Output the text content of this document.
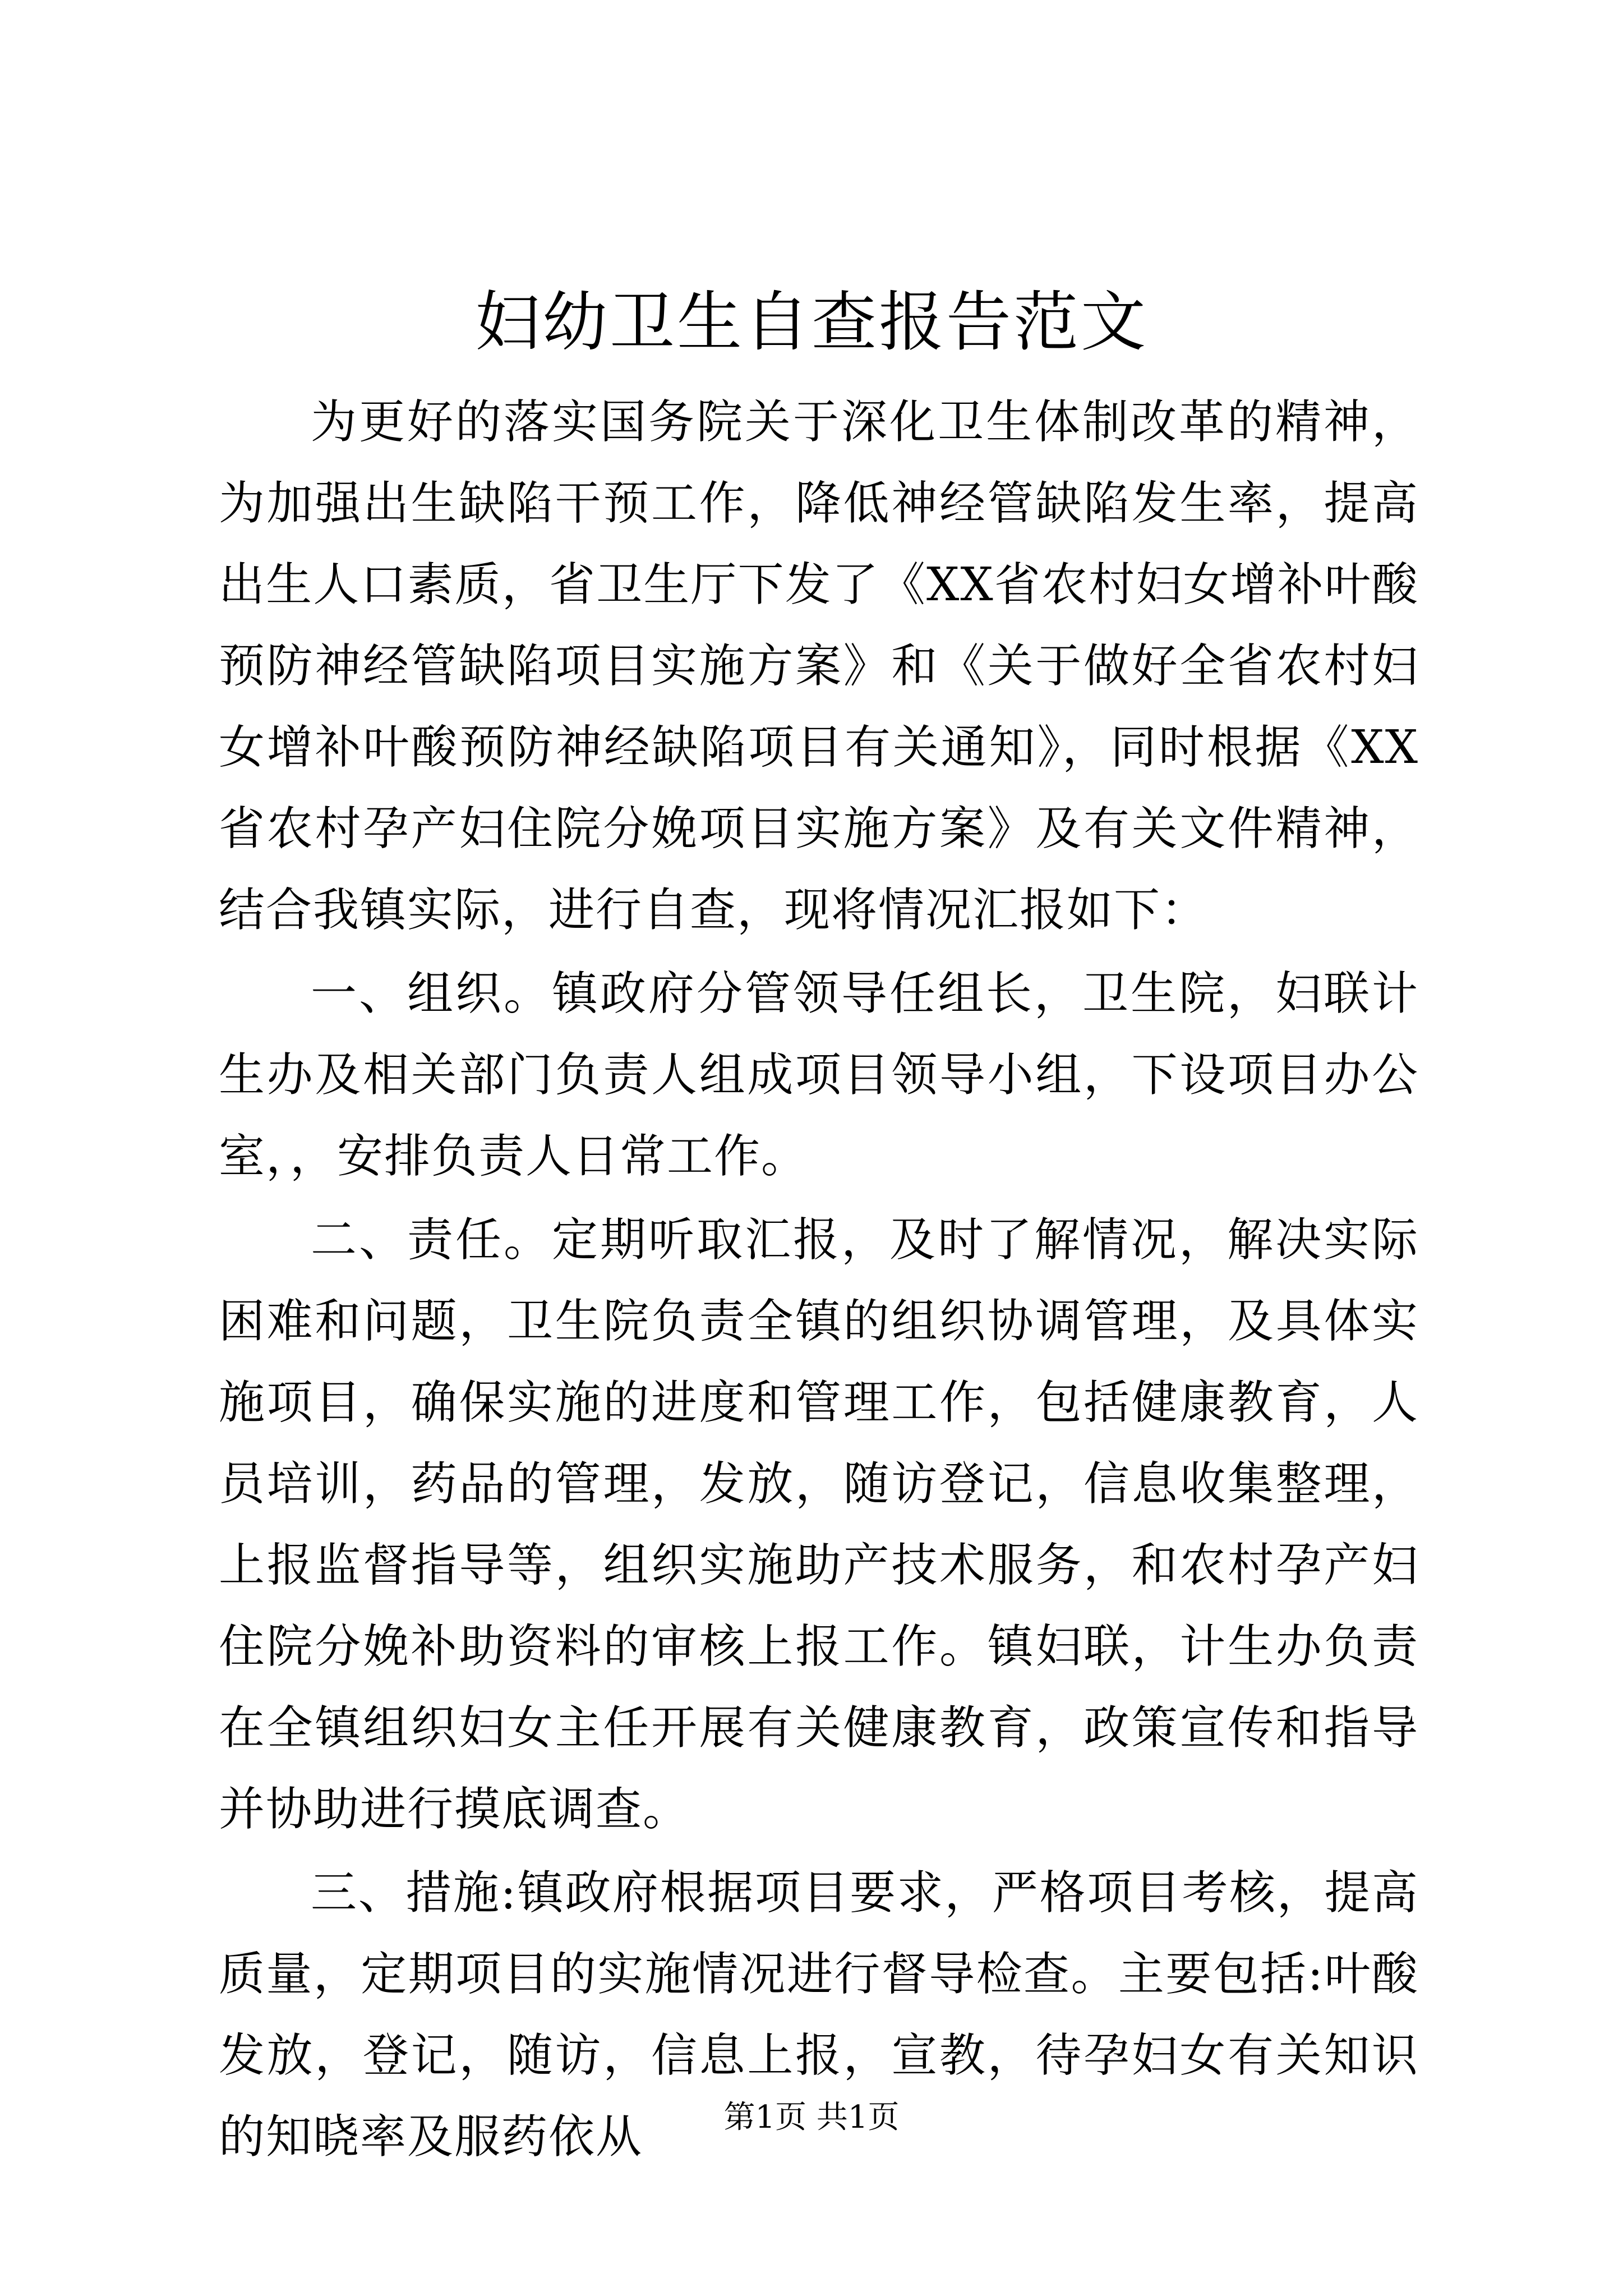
妇幼卫生自查报告范文

为更好的落实国务院关于深化卫生体制改革的精神，为加强出生缺陷干预工作，降低神经管缺陷发生率，提高出生人口素质，省卫生厅下发了《XX省农村妇女增补叶酸预防神经管缺陷项目实施方案》和《关于做好全省农村妇女增补叶酸预防神经缺陷项目有关通知》，同时根据《XX省农村孕产妇住院分娩项目实施方案》及有关文件精神，结合我镇实际，进行自查，现将情况汇报如下：

一、组织。镇政府分管领导任组长，卫生院，妇联计生办及相关部门负责人组成项目领导小组，下设项目办公室，，安排负责人日常工作。

二、责任。定期听取汇报，及时了解情况，解决实际困难和问题，卫生院负责全镇的组织协调管理，及具体实施项目，确保实施的进度和管理工作，包括健康教育，人员培训，药品的管理，发放，随访登记，信息收集整理，上报监督指导等，组织实施助产技术服务，和农村孕产妇住院分娩补助资料的审核上报工作。镇妇联，计生办负责在全镇组织妇女主任开展有关健康教育，政策宣传和指导并协助进行摸底调查。

三、措施:镇政府根据项目要求，严格项目考核，提高质量，定期项目的实施情况进行督导检查。主要包括:叶酸发放，登记，随访，信息上报，宣教，待孕妇女有关知识的知晓率及服药依从	第1页 共1页
